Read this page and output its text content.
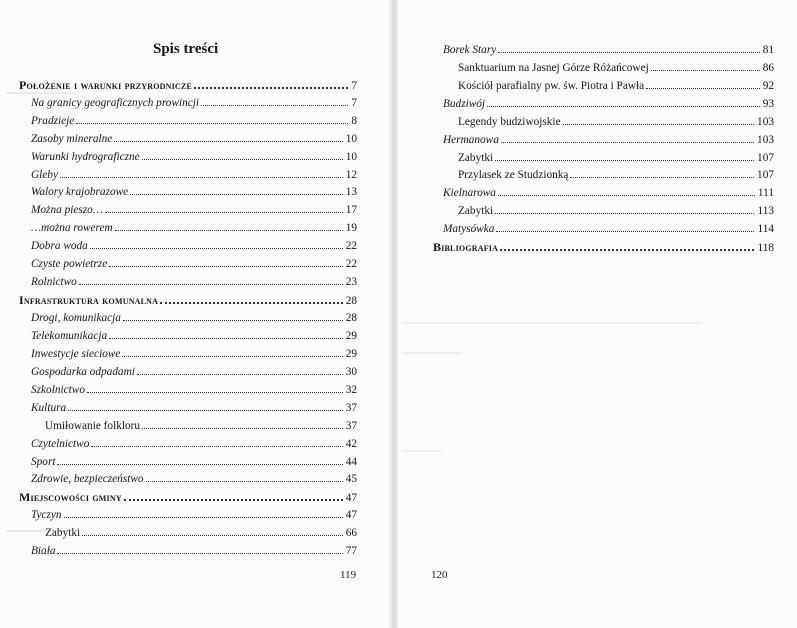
Spis treści
Położenie i warunki przyrodnicze	7
Na granicy geograficznych prowincji	7
Pradzieje	8
Zasoby mineralne	10
Warunki hydrograficzne	10
Gleby	12
Walory krajobrazowe	13
Można pieszo…	17
…można rowerem	19
Dobra woda	22
Czyste powietrze	22
Rolnictwo	23
Infrastruktura komunalna	28
Drogi, komunikacja	28
Telekomunikacja	29
Inwestycje sieciowe	29
Gospodarka odpadami	30
Szkolnictwo	32
Kultura	37
Umiłowanie folkloru	37
Czytelnictwo	42
Sport	44
Zdrowie, bezpieczeństwo	45
Miejscowości gminy	47
Tyczyn	47
Zabytki	66
Biała	77
119
Borek Stary	81
Sanktuarium na Jasnej Górze Różańcowej	86
Kościół parafialny pw. św. Piotra i Pawła	92
Budziwój	93
Legendy budziwojskie	103
Hermanowa	103
Zabytki	107
Przylasek ze Studzionką	107
Kielnarowa	111
Zabytki	113
Matysówka	114
Bibliografia	118
120
